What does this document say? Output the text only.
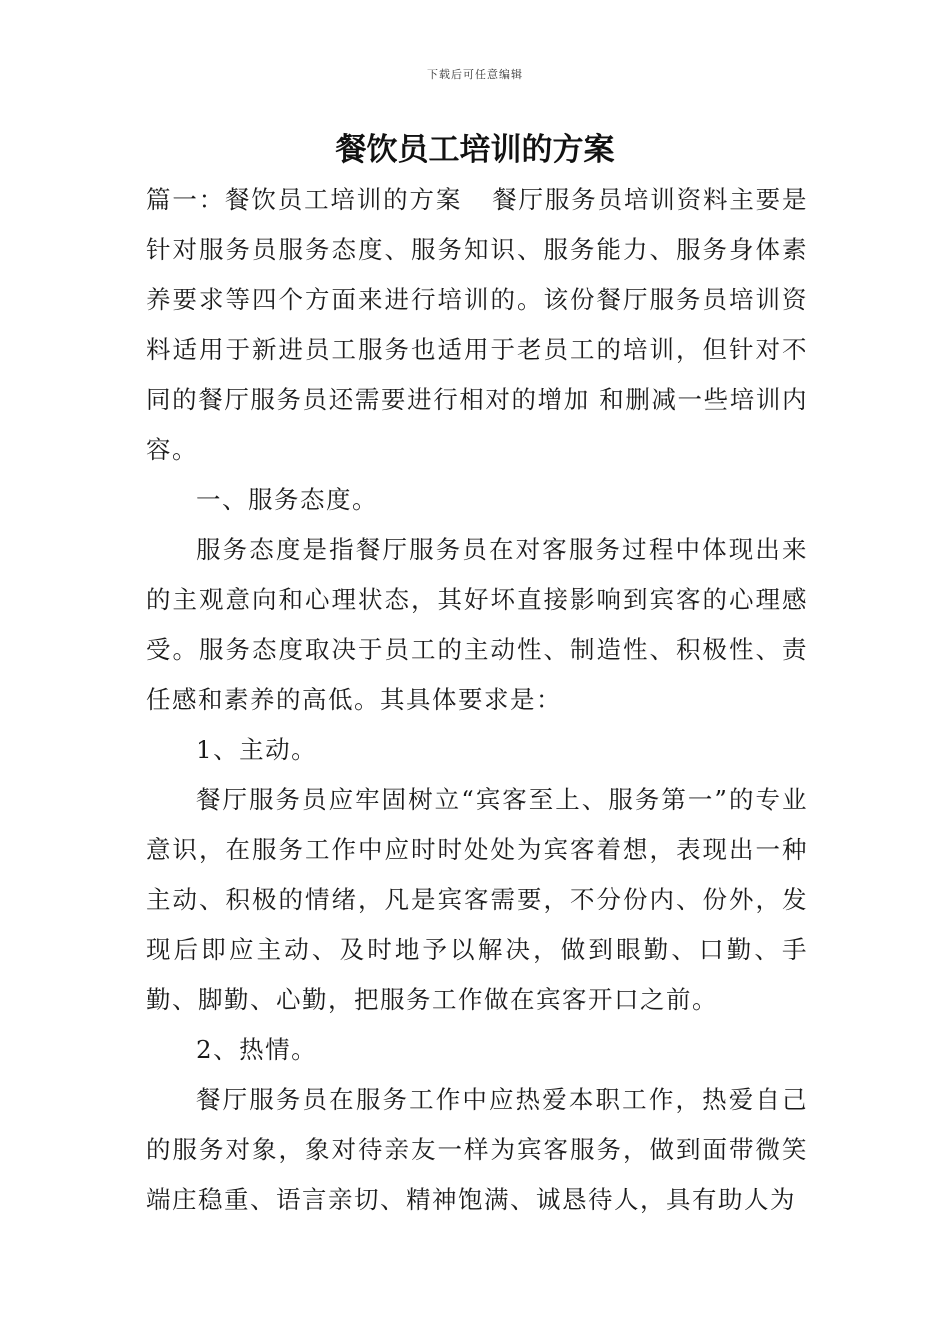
下载后可任意编辑
餐饮员工培训的方案

篇一：餐饮员工培训的方案 餐厅服务员培训资料主要是针对服务员服务态度、服务知识、服务能力、服务身体素养要求等四个方面来进行培训的。该份餐厅服务员培训资料适用于新进员工服务也适用于老员工的培训，但针对不同的餐厅服务员还需要进行相对的增加 和删减一些培训内容。

一、服务态度。

服务态度是指餐厅服务员在对客服务过程中体现出来的主观意向和心理状态，其好坏直接影响到宾客的心理感受。服务态度取决于员工的主动性、制造性、积极性、责任感和素养的高低。其具体要求是：

1、主动。

餐厅服务员应牢固树立“宾客至上、服务第一”的专业意识，在服务工作中应时时处处为宾客着想，表现出一种主动、积极的情绪，凡是宾客需要，不分份内、份外，发现后即应主动、及时地予以解决，做到眼勤、口勤、手勤、脚勤、心勤，把服务工作做在宾客开口之前。

2、热情。

餐厅服务员在服务工作中应热爱本职工作，热爱自己的服务对象，象对待亲友一样为宾客服务，做到面带微笑端庄稳重、语言亲切、精神饱满、诚恳待人，具有助人为
